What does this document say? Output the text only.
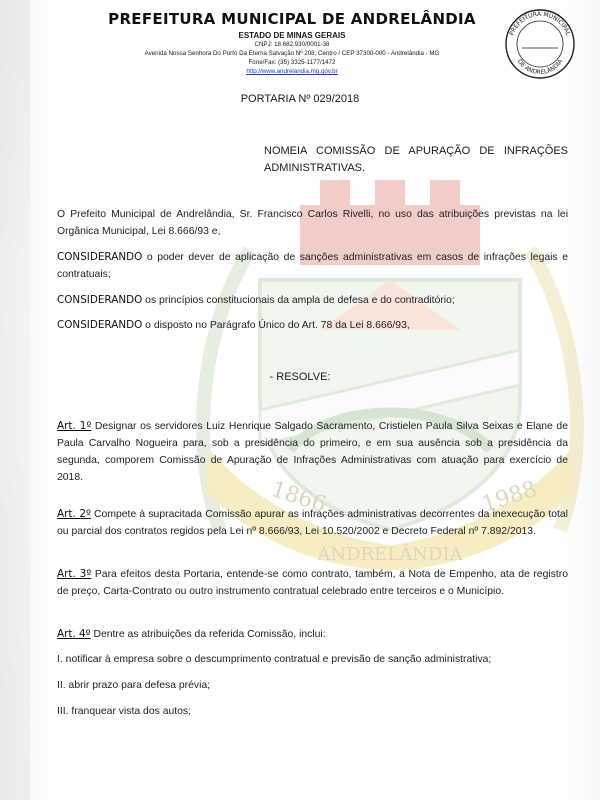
1866	1988
ANDRELÂNDIA
PREFEITURA MUNICIPAL DE ANDRELÂNDIA
ESTADO DE MINAS GERAIS
CNPJ: 18.682.930/0001-38
Avenida Nossa Senhora Do Porto Da Eterna Salvação Nº 208, Centro / CEP 37300-000 - Andrelândia - MG
Fone/Fax: (35) 3325-1177/1472
http://www.andrelandia.mg.gov.br
PREFEITURA MUNICIPAL
DE ANDRELÂNDIA
PORTARIA Nº 029/2018
NOMEIA COMISSÃO DE APURAÇÃO DE INFRAÇÕES
ADMINISTRATIVAS.
O Prefeito Municipal de Andrelândia, Sr. Francisco Carlos Rivelli, no uso das atribuições previstas na lei Orgânica Municipal, Lei 8.666/93 e,
CONSIDERANDO o poder dever de aplicação de sanções administrativas em casos de infrações legais e contratuais;
CONSIDERANDO os princípios constitucionais da ampla de defesa e do contraditório;
CONSIDERANDO o disposto no Parágrafo Único do Art. 78 da Lei 8.666/93,
- RESOLVE:
Art. 1º Designar os servidores Luiz Henrique Salgado Sacramento, Cristielen Paula Silva Seixas e Elane de Paula Carvalho Nogueira para, sob a presidência do primeiro, e em sua ausência sob a presidência da segunda, comporem Comissão de Apuração de Infrações Administrativas com atuação para exercício de 2018.
Art. 2º Compete à supracitada Comissão apurar as infrações administrativas decorrentes da inexecução total ou parcial dos contratos regidos pela Lei nº 8.666/93, Lei 10.520/2002 e Decreto Federal nº 7.892/2013.
Art. 3º Para efeitos desta Portaria, entende-se como contrato, também, a Nota de Empenho, ata de registro de preço, Carta-Contrato ou outro instrumento contratual celebrado entre terceiros e o Município.
Art. 4º Dentre as atribuições da referida Comissão, inclui:
I. notificar à empresa sobre o descumprimento contratual e previsão de sanção administrativa;
II. abrir prazo para defesa prévia;
III. franquear vista dos autos;
